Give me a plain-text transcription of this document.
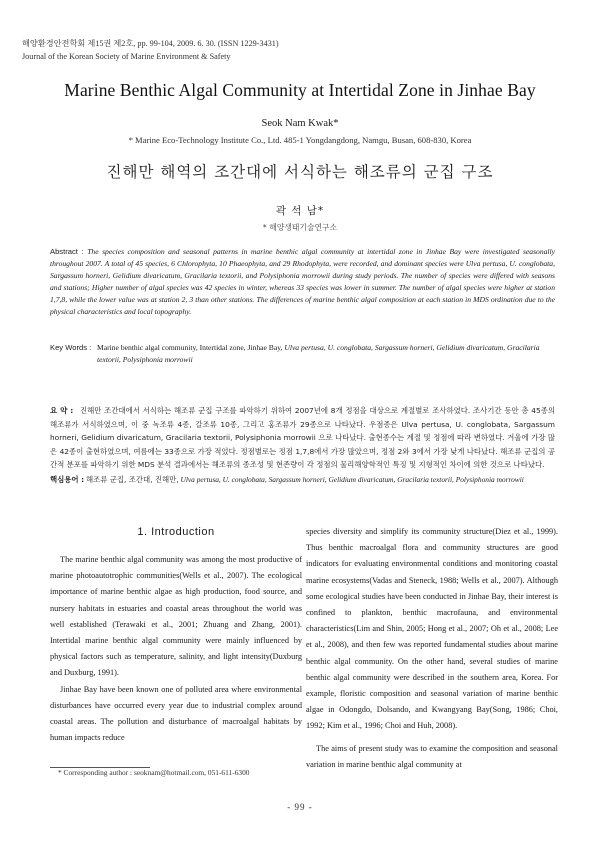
해양환경안전학회 제15권 제2호, pp. 99-104, 2009. 6. 30. (ISSN 1229-3431)
Journal of the Korean Society of Marine Environment & Safety
Marine Benthic Algal Community at Intertidal Zone in Jinhae Bay
Seok Nam Kwak*
* Marine Eco-Technology Institute Co., Ltd. 485-1 Yongdangdong, Namgu, Busan, 608-830, Korea
진해만 해역의 조간대에 서식하는 해조류의 군집 구조
곽 석 남*
* 해양생태기술연구소
Abstract : The species composition and seasonal patterns in marine benthic algal community at intertidal zone in Jinhae Bay were investigated seasonally throughout 2007. A total of 45 species, 6 Chlorophyta, 10 Phaeophyta, and 29 Rhodophyta, were recorded, and dominant species were Ulva pertusa, U. conglobata, Sargassum horneri, Gelidium divaricatum, Gracilaria textorii, and Polysiphonia morrowii during study periods. The number of species were differed with seasons and stations; Higher number of algal species was 42 species in winter, whereas 33 species was lower in summer. The number of algal species were higher at station 1,7,8, while the lower value was at station 2, 3 than other stations. The differences of marine benthic algal composition at each station in MDS ordination due to the physical characteristics and local topography.
Key Words : Marine benthic algal community, Intertidal zone, Jinhae Bay, Ulva pertusa, U. conglobata, Sargassum horneri, Gelidium divaricatum, Gracilaria textorii, Polysiphonia morrowii
요 약 : 진해만 조간대에서 서식하는 해조류 군집 구조를 파악하기 위하여 2007년에 8개 정점을 대상으로 계절별로 조사하였다. 조사기간 동안 총 45종의 해조류가 서식하였으며, 이 중 녹조류 4종, 갈조류 10종, 그리고 홍조류가 29종으로 나타났다. 우점종은 Ulva pertusa, U. conglobata, Sargassum horneri, Gelidium divaricatum, Gracilaria textorii, Polysiphonia morrowii 으로 나타났다. 출현종수는 계절 및 정점에 따라 변하였다. 겨울에 가장 많은 42종이 출현하였으며, 여름에는 33종으로 가장 적었다. 정점별로는 정점 1,7,8에서 가장 많았으며, 정점 2와 3에서 가장 낮게 나타났다. 해조류 군집의 공간적 분포를 파악하기 위한 MDS 분석 결과에서는 해조류의 종조성 및 현존량이 각 정점의 물리해양학적인 특징 및 지형적인 차이에 의한 것으로 나타났다.
핵심용어 : 해조류 군집, 조간대, 진해만, Ulva pertusa, U. conglobata, Sargassum horneri, Gelidium divaricatum, Gracilaria textorii, Polysiphonia morrowii
1. Introduction

The marine benthic algal community was among the most productive of marine photoautotrophic communities(Wells et al., 2007). The ecological importance of marine benthic algae as high production, food source, and nursery habitats in estuaries and coastal areas throughout the world was well established (Terawaki et al., 2001; Zhuang and Zhang, 2001). Intertidal marine benthic algal community were mainly influenced by physical factors such as temperature, salinity, and light intensity(Duxburg and Duxburg, 1991).

Jinhae Bay have been known one of polluted area where environmental disturbances have occurred every year due to industrial complex around coastal areas. The pollution and disturbance of macroalgal habitats by human impacts reduce

species diversity and simplify its community structure(Diez et al., 1999). Thus benthic macroalgal flora and community structures are good indicators for evaluating environmental conditions and monitoring coastal marine ecosystems(Vadas and Steneck, 1988; Wells et al., 2007). Although some ecological studies have been conducted in Jinhae Bay, their interest is confined to plankton, benthic macrofauna, and environmental characteristics(Lim and Shin, 2005; Hong et al., 2007; Oh et al., 2008; Lee et al., 2008), and then few was reported fundamental studies about marine benthic algal community. On the other hand, several studies of marine benthic algal community were described in the southern area, Korea. For example, floristic composition and seasonal variation of marine benthic algae in Odongdo, Dolsando, and Kwangyang Bay(Song, 1986; Choi, 1992; Kim et al., 1996; Choi and Huh, 2008).

The aims of present study was to examine the composition and seasonal variation in marine benthic algal community at

* Corresponding author : seoknam@hotmail.com, 051-611-6300
- 99 -
